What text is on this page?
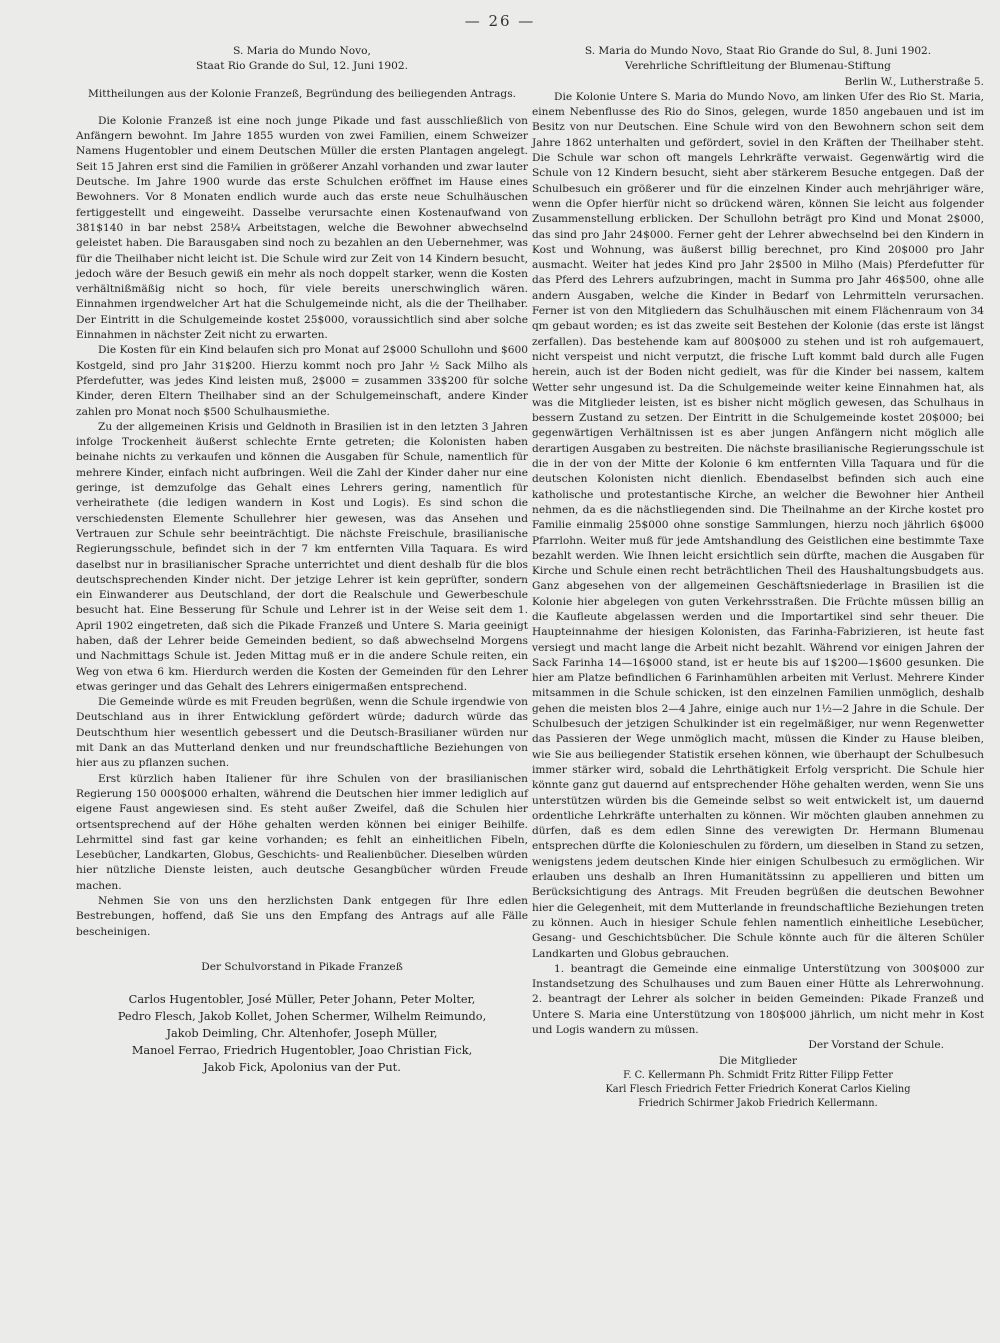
— 26 —

S. Maria do Mundo Novo,

Staat Rio Grande do Sul, 12. Juni 1902.

Mittheilungen aus der Kolonie Franzeß, Begründung des beiliegenden Antrags.

Die Kolonie Franzeß ist eine noch junge Pikade und fast ausschließlich von Anfängern bewohnt. Im Jahre 1855 wurden von zwei Familien, einem Schweizer Namens Hugentobler und einem Deutschen Müller die ersten Plantagen angelegt. Seit 15 Jahren erst sind die Familien in größerer Anzahl vorhanden und zwar lauter Deutsche. Im Jahre 1900 wurde das erste Schulchen eröffnet im Hause eines Bewohners. Vor 8 Monaten endlich wurde auch das erste neue Schulhäuschen fertiggestellt und eingeweiht. Dasselbe verursachte einen Kostenaufwand von 381$140 in bar nebst 258¼ Arbeitstagen, welche die Bewohner abwechselnd geleistet haben. Die Barausgaben sind noch zu bezahlen an den Uebernehmer, was für die Theilhaber nicht leicht ist. Die Schule wird zur Zeit von 14 Kindern besucht, jedoch wäre der Besuch gewiß ein mehr als noch doppelt starker, wenn die Kosten verhältnißmäßig nicht so hoch, für viele bereits unerschwinglich wären. Einnahmen irgendwelcher Art hat die Schulgemeinde nicht, als die der Theilhaber. Der Eintritt in die Schulgemeinde kostet 25$000, voraussichtlich sind aber solche Einnahmen in nächster Zeit nicht zu erwarten.

Die Kosten für ein Kind belaufen sich pro Monat auf 2$000 Schullohn und $600 Kostgeld, sind pro Jahr 31$200. Hierzu kommt noch pro Jahr ½ Sack Milho als Pferdefutter, was jedes Kind leisten muß, 2$000 = zusammen 33$200 für solche Kinder, deren Eltern Theilhaber sind an der Schulgemeinschaft, andere Kinder zahlen pro Monat noch $500 Schulhausmiethe.

Zu der allgemeinen Krisis und Geldnoth in Brasilien ist in den letzten 3 Jahren infolge Trockenheit äußerst schlechte Ernte getreten; die Kolonisten haben beinahe nichts zu verkaufen und können die Ausgaben für Schule, namentlich für mehrere Kinder, einfach nicht aufbringen. Weil die Zahl der Kinder daher nur eine geringe, ist demzufolge das Gehalt eines Lehrers gering, namentlich für verheirathete (die ledigen wandern in Kost und Logis). Es sind schon die verschiedensten Elemente Schullehrer hier gewesen, was das Ansehen und Vertrauen zur Schule sehr beeinträchtigt. Die nächste Freischule, brasilianische Regierungsschule, befindet sich in der 7 km entfernten Villa Taquara. Es wird daselbst nur in brasilianischer Sprache unterrichtet und dient deshalb für die blos deutschsprechenden Kinder nicht. Der jetzige Lehrer ist kein geprüfter, sondern ein Einwanderer aus Deutschland, der dort die Realschule und Gewerbeschule besucht hat. Eine Besserung für Schule und Lehrer ist in der Weise seit dem 1. April 1902 eingetreten, daß sich die Pikade Franzeß und Untere S. Maria geeinigt haben, daß der Lehrer beide Gemeinden bedient, so daß abwechselnd Morgens und Nachmittags Schule ist. Jeden Mittag muß er in die andere Schule reiten, ein Weg von etwa 6 km. Hierdurch werden die Kosten der Gemeinden für den Lehrer etwas geringer und das Gehalt des Lehrers einigermaßen entsprechend.

Die Gemeinde würde es mit Freuden begrüßen, wenn die Schule irgendwie von Deutschland aus in ihrer Entwicklung gefördert würde; dadurch würde das Deutschthum hier wesentlich gebessert und die Deutsch-Brasilianer würden nur mit Dank an das Mutterland denken und nur freundschaftliche Beziehungen von hier aus zu pflanzen suchen.

Erst kürzlich haben Italiener für ihre Schulen von der brasilianischen Regierung 150 000$000 erhalten, während die Deutschen hier immer lediglich auf eigene Faust angewiesen sind. Es steht außer Zweifel, daß die Schulen hier ortsentsprechend auf der Höhe gehalten werden können bei einiger Beihilfe. Lehrmittel sind fast gar keine vorhanden; es fehlt an einheitlichen Fibeln, Lesebücher, Landkarten, Globus, Geschichts- und Realienbücher. Dieselben würden hier nützliche Dienste leisten, auch deutsche Gesangbücher würden Freude machen.

Nehmen Sie von uns den herzlichsten Dank entgegen für Ihre edlen Bestrebungen, hoffend, daß Sie uns den Empfang des Antrags auf alle Fälle bescheinigen.

Der Schulvorstand in Pikade Franzeß

Carlos Hugentobler, José Müller, Peter Johann, Peter Molter,
Pedro Flesch, Jakob Kollet, Johen Schermer, Wilhelm Reimundo,
Jakob Deimling, Chr. Altenhofer, Joseph Müller,
Manoel Ferrao, Friedrich Hugentobler, Joao Christian Fick,
Jakob Fick, Apolonius van der Put.

S. Maria do Mundo Novo, Staat Rio Grande do Sul, 8. Juni 1902.

Verehrliche Schriftleitung der Blumenau-Stiftung

Berlin W., Lutherstraße 5.

Die Kolonie Untere S. Maria do Mundo Novo, am linken Ufer des Rio St. Maria, einem Nebenflusse des Rio do Sinos, gelegen, wurde 1850 angebauen und ist im Besitz von nur Deutschen. Eine Schule wird von den Bewohnern schon seit dem Jahre 1862 unterhalten und gefördert, soviel in den Kräften der Theilhaber steht. Die Schule war schon oft mangels Lehrkräfte verwaist. Gegenwärtig wird die Schule von 12 Kindern besucht, sieht aber stärkerem Besuche entgegen. Daß der Schulbesuch ein größerer und für die einzelnen Kinder auch mehrjähriger wäre, wenn die Opfer hierfür nicht so drückend wären, können Sie leicht aus folgender Zusammenstellung erblicken. Der Schullohn beträgt pro Kind und Monat 2$000, das sind pro Jahr 24$000. Ferner geht der Lehrer abwechselnd bei den Kindern in Kost und Wohnung, was äußerst billig berechnet, pro Kind 20$000 pro Jahr ausmacht. Weiter hat jedes Kind pro Jahr 2$500 in Milho (Mais) Pferdefutter für das Pferd des Lehrers aufzubringen, macht in Summa pro Jahr 46$500, ohne alle andern Ausgaben, welche die Kinder in Bedarf von Lehrmitteln verursachen. Ferner ist von den Mitgliedern das Schulhäuschen mit einem Flächenraum von 34 qm gebaut worden; es ist das zweite seit Bestehen der Kolonie (das erste ist längst zerfallen). Das bestehende kam auf 800$000 zu stehen und ist roh aufgemauert, nicht verspeist und nicht verputzt, die frische Luft kommt bald durch alle Fugen herein, auch ist der Boden nicht gedielt, was für die Kinder bei nassem, kaltem Wetter sehr ungesund ist. Da die Schulgemeinde weiter keine Einnahmen hat, als was die Mitglieder leisten, ist es bisher nicht möglich gewesen, das Schulhaus in bessern Zustand zu setzen. Der Eintritt in die Schulgemeinde kostet 20$000; bei gegenwärtigen Verhältnissen ist es aber jungen Anfängern nicht möglich alle derartigen Ausgaben zu bestreiten. Die nächste brasilianische Regierungsschule ist die in der von der Mitte der Kolonie 6 km entfernten Villa Taquara und für die deutschen Kolonisten nicht dienlich. Ebendaselbst befinden sich auch eine katholische und protestantische Kirche, an welcher die Bewohner hier Antheil nehmen, da es die nächstliegenden sind. Die Theilnahme an der Kirche kostet pro Familie einmalig 25$000 ohne sonstige Sammlungen, hierzu noch jährlich 6$000 Pfarrlohn. Weiter muß für jede Amtshandlung des Geistlichen eine bestimmte Taxe bezahlt werden. Wie Ihnen leicht ersichtlich sein dürfte, machen die Ausgaben für Kirche und Schule einen recht beträchtlichen Theil des Haushaltungsbudgets aus. Ganz abgesehen von der allgemeinen Geschäftsniederlage in Brasilien ist die Kolonie hier abgelegen von guten Verkehrsstraßen. Die Früchte müssen billig an die Kaufleute abgelassen werden und die Importartikel sind sehr theuer. Die Haupteinnahme der hiesigen Kolonisten, das Farinha-Fabrizieren, ist heute fast versiegt und macht lange die Arbeit nicht bezahlt. Während vor einigen Jahren der Sack Farinha 14—16$000 stand, ist er heute bis auf 1$200—1$600 gesunken. Die hier am Platze befindlichen 6 Farinhamühlen arbeiten mit Verlust. Mehrere Kinder mitsammen in die Schule schicken, ist den einzelnen Familien unmöglich, deshalb gehen die meisten blos 2—4 Jahre, einige auch nur 1½—2 Jahre in die Schule. Der Schulbesuch der jetzigen Schulkinder ist ein regelmäßiger, nur wenn Regenwetter das Passieren der Wege unmöglich macht, müssen die Kinder zu Hause bleiben, wie Sie aus beiliegender Statistik ersehen können, wie überhaupt der Schulbesuch immer stärker wird, sobald die Lehrthätigkeit Erfolg verspricht. Die Schule hier könnte ganz gut dauernd auf entsprechender Höhe gehalten werden, wenn Sie uns unterstützen würden bis die Gemeinde selbst so weit entwickelt ist, um dauernd ordentliche Lehrkräfte unterhalten zu können. Wir möchten glauben annehmen zu dürfen, daß es dem edlen Sinne des verewigten Dr. Hermann Blumenau entsprechen dürfte die Kolonieschulen zu fördern, um dieselben in Stand zu setzen, wenigstens jedem deutschen Kinde hier einigen Schulbesuch zu ermöglichen. Wir erlauben uns deshalb an Ihren Humanitätssinn zu appellieren und bitten um Berücksichtigung des Antrags. Mit Freuden begrüßen die deutschen Bewohner hier die Gelegenheit, mit dem Mutterlande in freundschaftliche Beziehungen treten zu können. Auch in hiesiger Schule fehlen namentlich einheitliche Lesebücher, Gesang- und Geschichtsbücher. Die Schule könnte auch für die älteren Schüler Landkarten und Globus gebrauchen.

1. beantragt die Gemeinde eine einmalige Unterstützung von 300$000 zur Instandsetzung des Schulhauses und zum Bauen einer Hütte als Lehrerwohnung. 2. beantragt der Lehrer als solcher in beiden Gemeinden: Pikade Franzeß und Untere S. Maria eine Unterstützung von 180$000 jährlich, um nicht mehr in Kost und Logis wandern zu müssen.

Der Vorstand der Schule.

Die Mitglieder

F. C. Kellermann Ph. Schmidt Fritz Ritter Filipp Fetter
Karl Flesch Friedrich Fetter Friedrich Konerat Carlos Kieling
Friedrich Schirmer Jakob Friedrich Kellermann.
